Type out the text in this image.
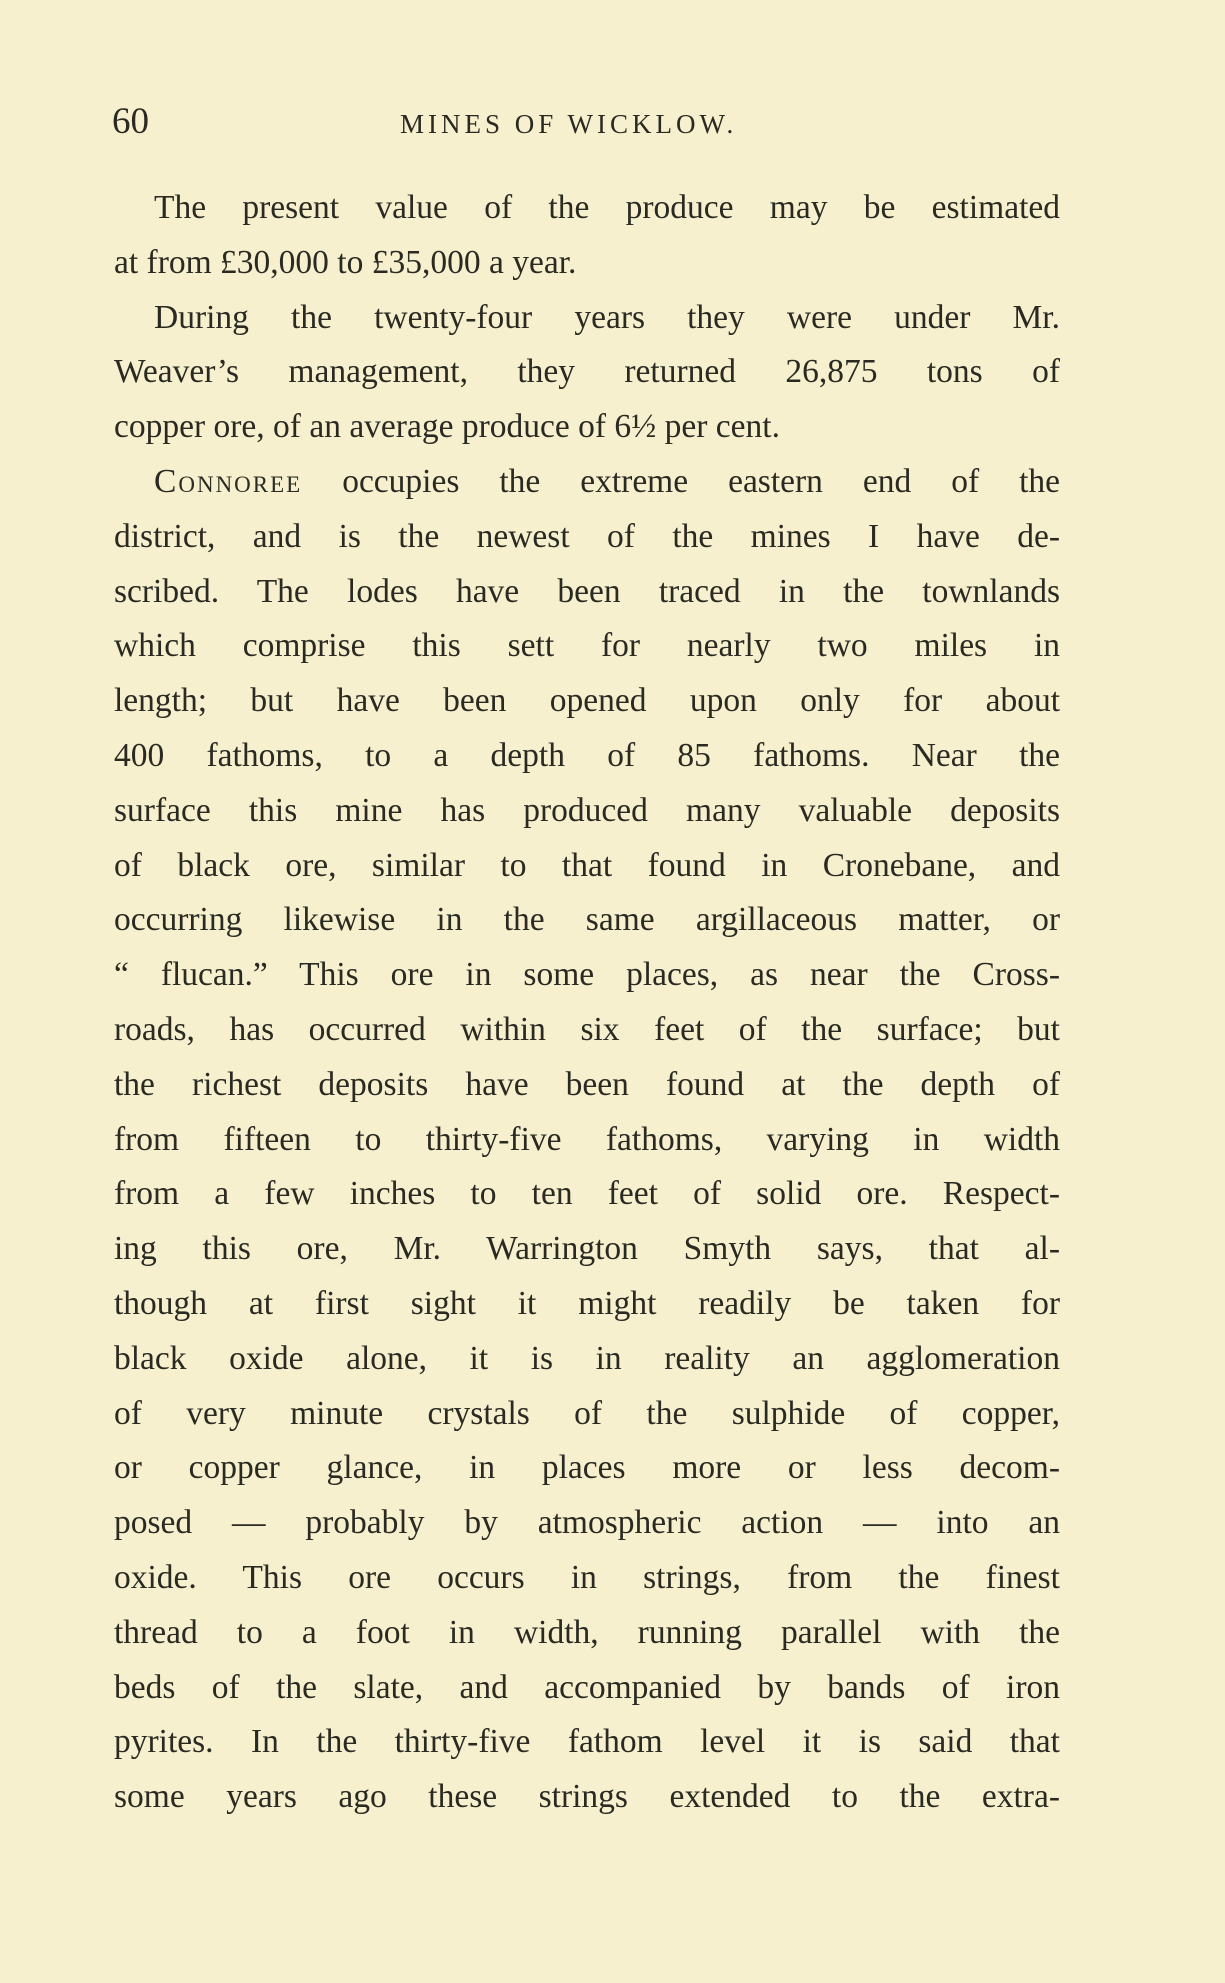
60	MINES OF WICKLOW.
The present value of the produce may be estimated
at from £30,000 to £35,000 a year.
During the twenty-four years they were under Mr.
Weaver’s management, they returned 26,875 tons of
copper ore, of an average produce of 6½ per cent.
Connoree occupies the extreme eastern end of the
district, and is the newest of the mines I have de-
scribed. The lodes have been traced in the townlands
which comprise this sett for nearly two miles in
length; but have been opened upon only for about
400 fathoms, to a depth of 85 fathoms. Near the
surface this mine has produced many valuable deposits
of black ore, similar to that found in Cronebane, and
occurring likewise in the same argillaceous matter, or
“ flucan.” This ore in some places, as near the Cross-
roads, has occurred within six feet of the surface; but
the richest deposits have been found at the depth of
from fifteen to thirty-five fathoms, varying in width
from a few inches to ten feet of solid ore. Respect-
ing this ore, Mr. Warrington Smyth says, that al-
though at first sight it might readily be taken for
black oxide alone, it is in reality an agglomeration
of very minute crystals of the sulphide of copper,
or copper glance, in places more or less decom-
posed — probably by atmospheric action — into an
oxide. This ore occurs in strings, from the finest
thread to a foot in width, running parallel with the
beds of the slate, and accompanied by bands of iron
pyrites. In the thirty-five fathom level it is said that
some years ago these strings extended to the extra-
